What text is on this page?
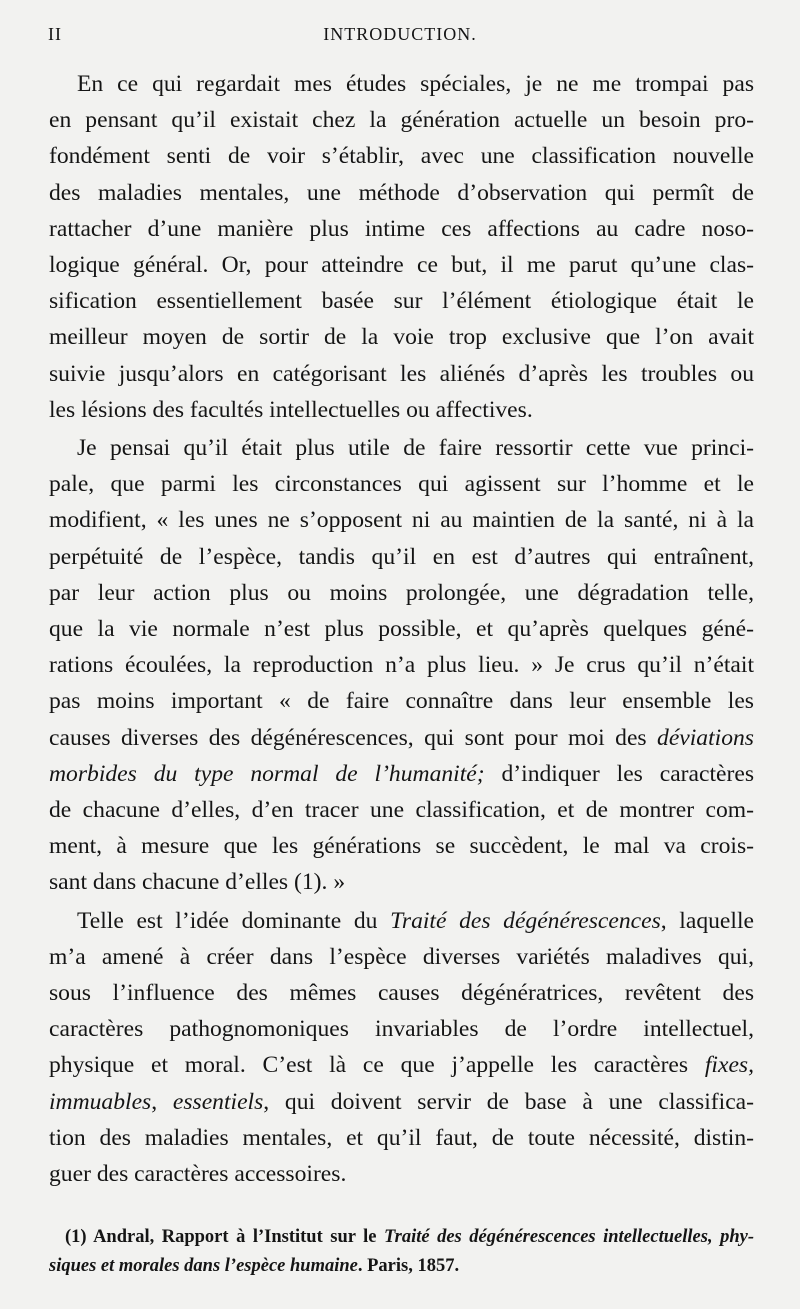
II	INTRODUCTION.
En ce qui regardait mes études spéciales, je ne me trompai pas
en pensant qu’il existait chez la génération actuelle un besoin pro-
fondément senti de voir s’établir, avec une classification nouvelle
des maladies mentales, une méthode d’observation qui permît de
rattacher d’une manière plus intime ces affections au cadre noso-
logique général. Or, pour atteindre ce but, il me parut qu’une clas-
sification essentiellement basée sur l’élément étiologique était le
meilleur moyen de sortir de la voie trop exclusive que l’on avait
suivie jusqu’alors en catégorisant les aliénés d’après les troubles ou
les lésions des facultés intellectuelles ou affectives.
Je pensai qu’il était plus utile de faire ressortir cette vue princi-
pale, que parmi les circonstances qui agissent sur l’homme et le
modifient, « les unes ne s’opposent ni au maintien de la santé, ni à la
perpétuité de l’espèce, tandis qu’il en est d’autres qui entraînent,
par leur action plus ou moins prolongée, une dégradation telle,
que la vie normale n’est plus possible, et qu’après quelques géné-
rations écoulées, la reproduction n’a plus lieu. » Je crus qu’il n’était
pas moins important « de faire connaître dans leur ensemble les
causes diverses des dégénérescences, qui sont pour moi des déviations
morbides du type normal de l’humanité; d’indiquer les caractères
de chacune d’elles, d’en tracer une classification, et de montrer com-
ment, à mesure que les générations se succèdent, le mal va crois-
sant dans chacune d’elles (1). »
Telle est l’idée dominante du Traité des dégénérescences, laquelle
m’a amené à créer dans l’espèce diverses variétés maladives qui,
sous l’influence des mêmes causes dégénératrices, revêtent des
caractères pathognomoniques invariables de l’ordre intellectuel,
physique et moral. C’est là ce que j’appelle les caractères fixes,
immuables, essentiels, qui doivent servir de base à une classifica-
tion des maladies mentales, et qu’il faut, de toute nécessité, distin-
guer des caractères accessoires.
(1) Andral, Rapport à l’Institut sur le Traité des dégénérescences intellectuelles, phy-
siques et morales dans l’espèce humaine. Paris, 1857.
